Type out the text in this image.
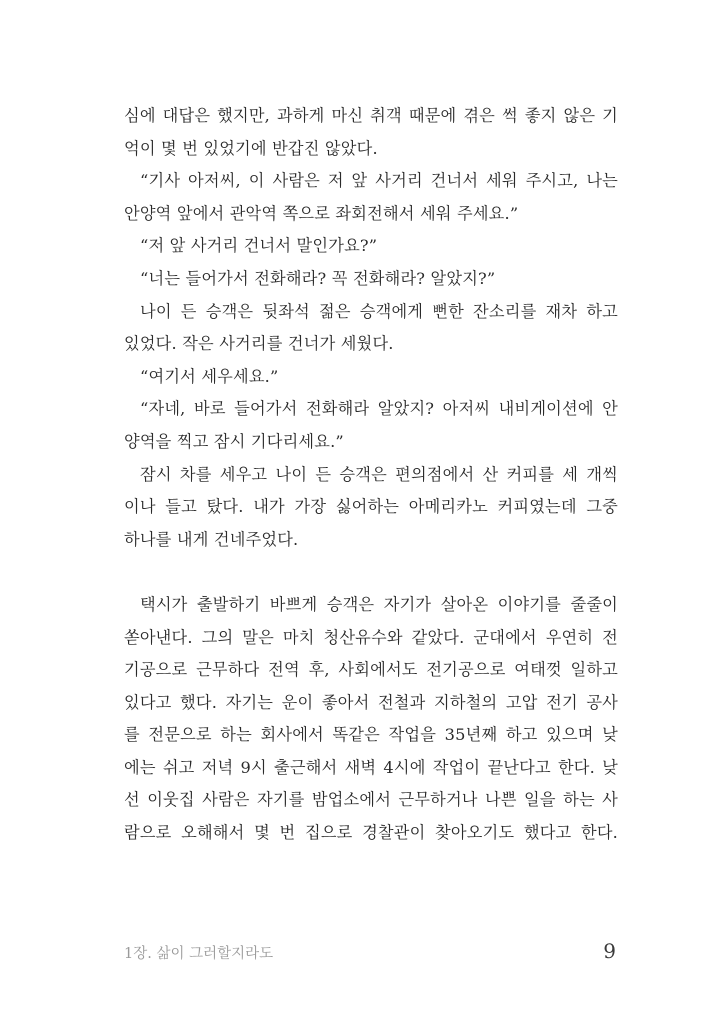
심에 대답은 했지만, 과하게 마신 취객 때문에 겪은 썩 좋지 않은 기
억이 몇 번 있었기에 반갑진 않았다.
“기사 아저씨, 이 사람은 저 앞 사거리 건너서 세워 주시고, 나는
안양역 앞에서 관악역 쪽으로 좌회전해서 세워 주세요.”
“저 앞 사거리 건너서 말인가요?”
“너는 들어가서 전화해라? 꼭 전화해라? 알았지?”
나이 든 승객은 뒷좌석 젊은 승객에게 뻔한 잔소리를 재차 하고
있었다. 작은 사거리를 건너가 세웠다.
“여기서 세우세요.”
“자네, 바로 들어가서 전화해라 알았지? 아저씨 내비게이션에 안
양역을 찍고 잠시 기다리세요.”
잠시 차를 세우고 나이 든 승객은 편의점에서 산 커피를 세 개씩
이나 들고 탔다. 내가 가장 싫어하는 아메리카노 커피였는데 그중
하나를 내게 건네주었다.
택시가 출발하기 바쁘게 승객은 자기가 살아온 이야기를 줄줄이
쏟아낸다. 그의 말은 마치 청산유수와 같았다. 군대에서 우연히 전
기공으로 근무하다 전역 후, 사회에서도 전기공으로 여태껏 일하고
있다고 했다. 자기는 운이 좋아서 전철과 지하철의 고압 전기 공사
를 전문으로 하는 회사에서 똑같은 작업을 35년째 하고 있으며 낮
에는 쉬고 저녁 9시 출근해서 새벽 4시에 작업이 끝난다고 한다. 낮
선 이웃집 사람은 자기를 밤업소에서 근무하거나 나쁜 일을 하는 사
람으로 오해해서 몇 번 집으로 경찰관이 찾아오기도 했다고 한다.
1장. 삶이 그러할지라도	9
